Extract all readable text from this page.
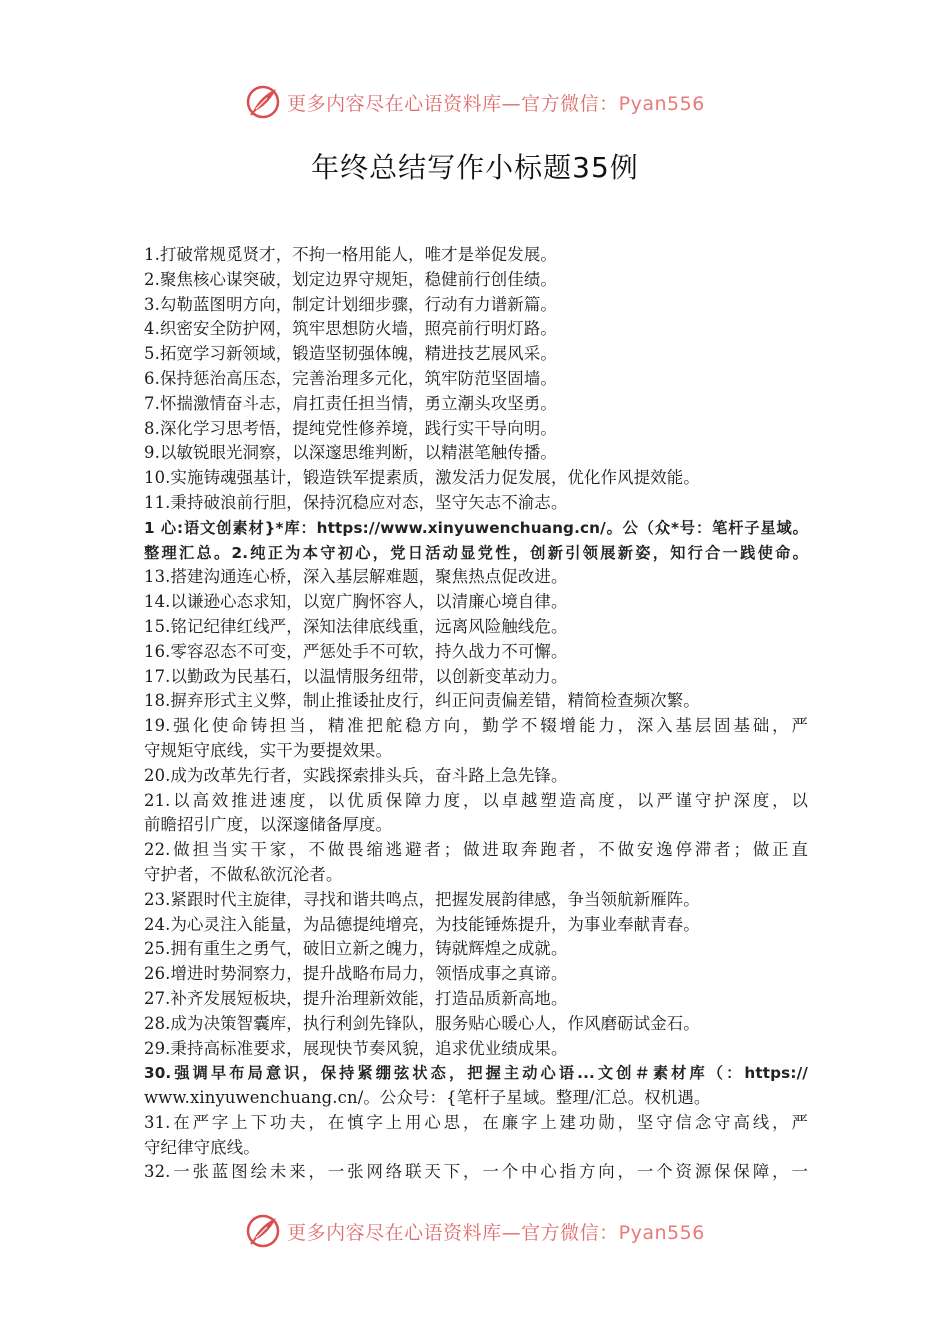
更多内容尽在心语资料库—官方微信：Pyan556
年终总结写作小标题35例
1.打破常规觅贤才，不拘一格用能人，唯才是举促发展。
2.聚焦核心谋突破，划定边界守规矩，稳健前行创佳绩。
3.勾勒蓝图明方向，制定计划细步骤，行动有力谱新篇。
4.织密安全防护网，筑牢思想防火墙，照亮前行明灯路。
5.拓宽学习新领域，锻造坚韧强体魄，精进技艺展风采。
6.保持惩治高压态，完善治理多元化，筑牢防范坚固墙。
7.怀揣激情奋斗志，肩扛责任担当情，勇立潮头攻坚勇。
8.深化学习思考悟，提纯党性修养境，践行实干导向明。
9.以敏锐眼光洞察，以深邃思维判断，以精湛笔触传播。
10.实施铸魂强基计，锻造铁军提素质，激发活力促发展，优化作风提效能。
11.秉持破浪前行胆，保持沉稳应对态，坚守矢志不渝志。
1 心:语文创素材}*库：https://www.xinyuwenchuang.cn/。公（众*号：笔杆子星域。
整理汇总。2.纯正为本守初心，党日活动显党性，创新引领展新姿，知行合一践使命。
13.搭建沟通连心桥，深入基层解难题，聚焦热点促改进。
14.以谦逊心态求知，以宽广胸怀容人，以清廉心境自律。
15.铭记纪律红线严，深知法律底线重，远离风险触线危。
16.零容忍态不可变，严惩处手不可软，持久战力不可懈。
17.以勤政为民基石，以温情服务纽带，以创新变革动力。
18.摒弃形式主义弊，制止推诿扯皮行，纠正问责偏差错，精简检查频次繁。
19.强化使命铸担当，精准把舵稳方向，勤学不辍增能力，深入基层固基础，严
守规矩守底线，实干为要提效果。
20.成为改革先行者，实践探索排头兵，奋斗路上急先锋。
21.以高效推进速度，以优质保障力度，以卓越塑造高度，以严谨守护深度，以
前瞻招引广度，以深邃储备厚度。
22.做担当实干家，不做畏缩逃避者；做进取奔跑者，不做安逸停滞者；做正直
守护者，不做私欲沉沦者。
23.紧跟时代主旋律，寻找和谐共鸣点，把握发展韵律感，争当领航新雁阵。
24.为心灵注入能量，为品德提纯增亮，为技能锤炼提升，为事业奉献青春。
25.拥有重生之勇气，破旧立新之魄力，铸就辉煌之成就。
26.增进时势洞察力，提升战略布局力，领悟成事之真谛。
27.补齐发展短板块，提升治理新效能，打造品质新高地。
28.成为决策智囊库，执行利剑先锋队，服务贴心暖心人，作风磨砺试金石。
29.秉持高标准要求，展现快节奏风貌，追求优业绩成果。
30.强调早布局意识，保持紧绷弦状态，把握主动心语...文创＃素材库（：https://
www.xinyuwenchuang.cn/。公众号：{笔杆子星域。整理/汇总。权机遇。
31.在严字上下功夫，在慎字上用心思，在廉字上建功勋，坚守信念守高线，严
守纪律守底线。
32.一张蓝图绘未来，一张网络联天下，一个中心指方向，一个资源保保障，一
更多内容尽在心语资料库—官方微信：Pyan556
